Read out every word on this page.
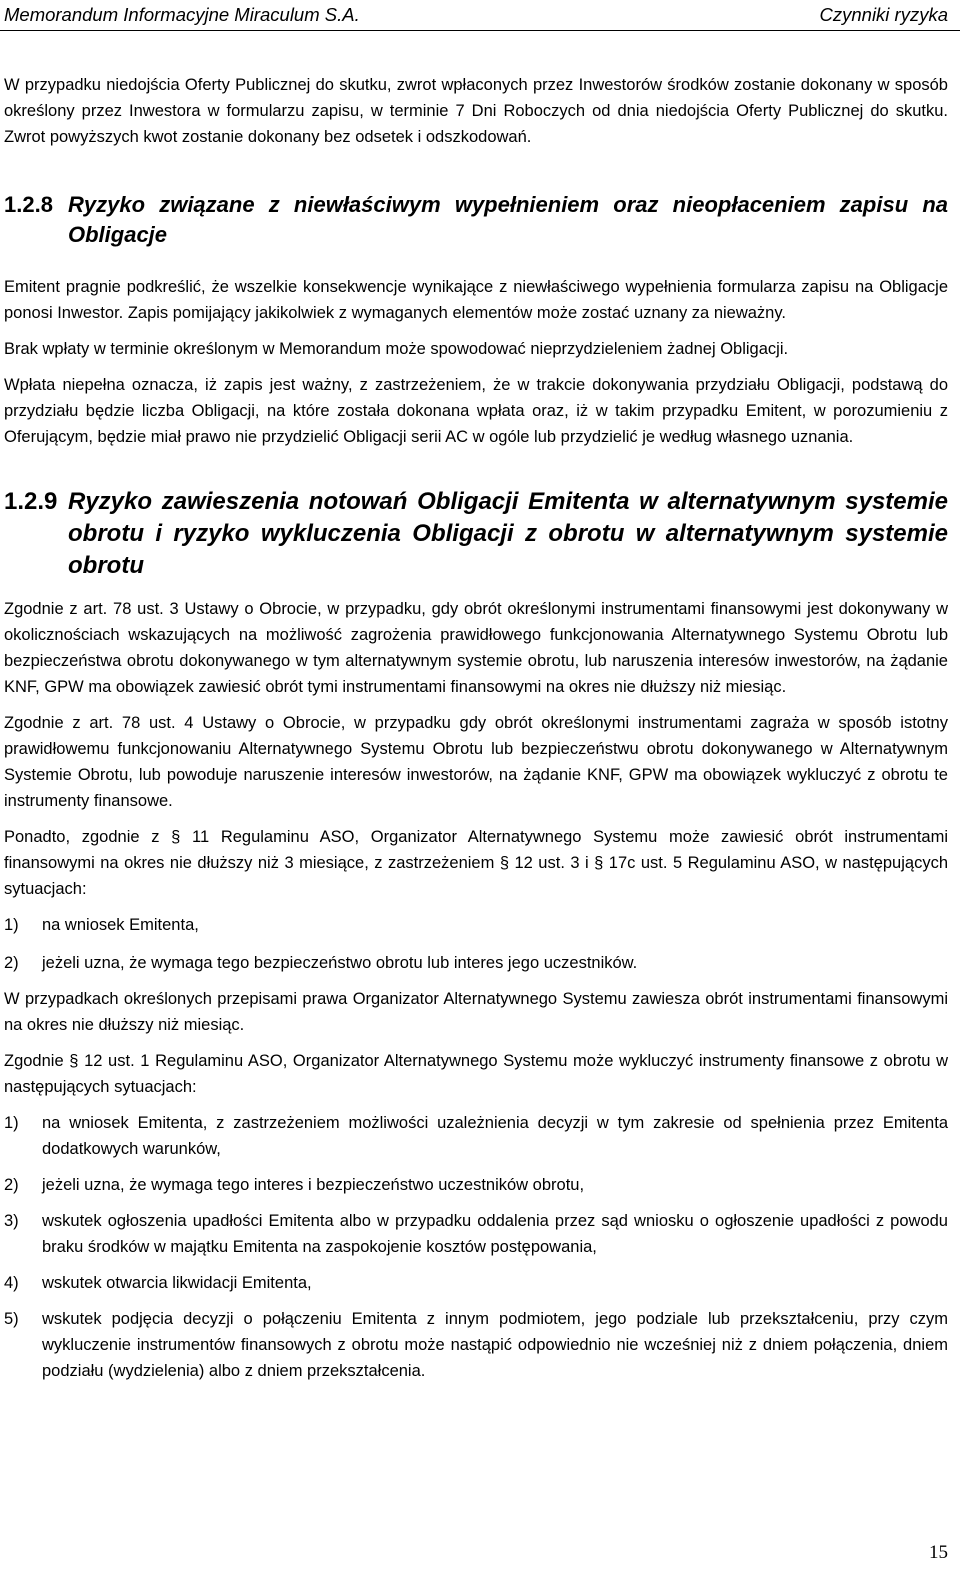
Memorandum Informacyjne Miraculum S.A.	Czynniki ryzyka

W przypadku niedojścia Oferty Publicznej do skutku, zwrot wpłaconych przez Inwestorów środków zostanie dokonany w sposób określony przez Inwestora w formularzu zapisu, w terminie 7 Dni Roboczych od dnia niedojścia Oferty Publicznej do skutku. Zwrot powyższych kwot zostanie dokonany bez odsetek i odszkodowań.

1.2.8 Ryzyko związane z niewłaściwym wypełnieniem oraz nieopłaceniem zapisu na Obligacje

Emitent pragnie podkreślić, że wszelkie konsekwencje wynikające z niewłaściwego wypełnienia formularza zapisu na Obligacje ponosi Inwestor. Zapis pomijający jakikolwiek z wymaganych elementów może zostać uznany za nieważny.

Brak wpłaty w terminie określonym w Memorandum może spowodować nieprzydzieleniem żadnej Obligacji.

Wpłata niepełna oznacza, iż zapis jest ważny, z zastrzeżeniem, że w trakcie dokonywania przydziału Obligacji, podstawą do przydziału będzie liczba Obligacji, na które została dokonana wpłata oraz, iż w takim przypadku Emitent, w porozumieniu z Oferującym, będzie miał prawo nie przydzielić Obligacji serii AC w ogóle lub przydzielić je według własnego uznania.

1.2.9 Ryzyko zawieszenia notowań Obligacji Emitenta w alternatywnym systemie obrotu i ryzyko wykluczenia Obligacji z obrotu w alternatywnym systemie obrotu

Zgodnie z art. 78 ust. 3 Ustawy o Obrocie, w przypadku, gdy obrót określonymi instrumentami finansowymi jest dokonywany w okolicznościach wskazujących na możliwość zagrożenia prawidłowego funkcjonowania Alternatywnego Systemu Obrotu lub bezpieczeństwa obrotu dokonywanego w tym alternatywnym systemie obrotu, lub naruszenia interesów inwestorów, na żądanie KNF, GPW ma obowiązek zawiesić obrót tymi instrumentami finansowymi na okres nie dłuższy niż miesiąc.

Zgodnie z art. 78 ust. 4 Ustawy o Obrocie, w przypadku gdy obrót określonymi instrumentami zagraża w sposób istotny prawidłowemu funkcjonowaniu Alternatywnego Systemu Obrotu lub bezpieczeństwu obrotu dokonywanego w Alternatywnym Systemie Obrotu, lub powoduje naruszenie interesów inwestorów, na żądanie KNF, GPW ma obowiązek wykluczyć z obrotu te instrumenty finansowe.

Ponadto, zgodnie z § 11 Regulaminu ASO, Organizator Alternatywnego Systemu może zawiesić obrót instrumentami finansowymi na okres nie dłuższy niż 3 miesiące, z zastrzeżeniem § 12 ust. 3 i § 17c ust. 5 Regulaminu ASO, w następujących sytuacjach:

1) na wniosek Emitenta,

2) jeżeli uzna, że wymaga tego bezpieczeństwo obrotu lub interes jego uczestników.

W przypadkach określonych przepisami prawa Organizator Alternatywnego Systemu zawiesza obrót instrumentami finansowymi na okres nie dłuższy niż miesiąc.

Zgodnie § 12 ust. 1 Regulaminu ASO, Organizator Alternatywnego Systemu może wykluczyć instrumenty finansowe z obrotu w następujących sytuacjach:

1) na wniosek Emitenta, z zastrzeżeniem możliwości uzależnienia decyzji w tym zakresie od spełnienia przez Emitenta dodatkowych warunków,

2) jeżeli uzna, że wymaga tego interes i bezpieczeństwo uczestników obrotu,

3) wskutek ogłoszenia upadłości Emitenta albo w przypadku oddalenia przez sąd wniosku o ogłoszenie upadłości z powodu braku środków w majątku Emitenta na zaspokojenie kosztów postępowania,

4) wskutek otwarcia likwidacji Emitenta,

5) wskutek podjęcia decyzji o połączeniu Emitenta z innym podmiotem, jego podziale lub przekształceniu, przy czym wykluczenie instrumentów finansowych z obrotu może nastąpić odpowiednio nie wcześniej niż z dniem połączenia, dniem podziału (wydzielenia) albo z dniem przekształcenia.

15
